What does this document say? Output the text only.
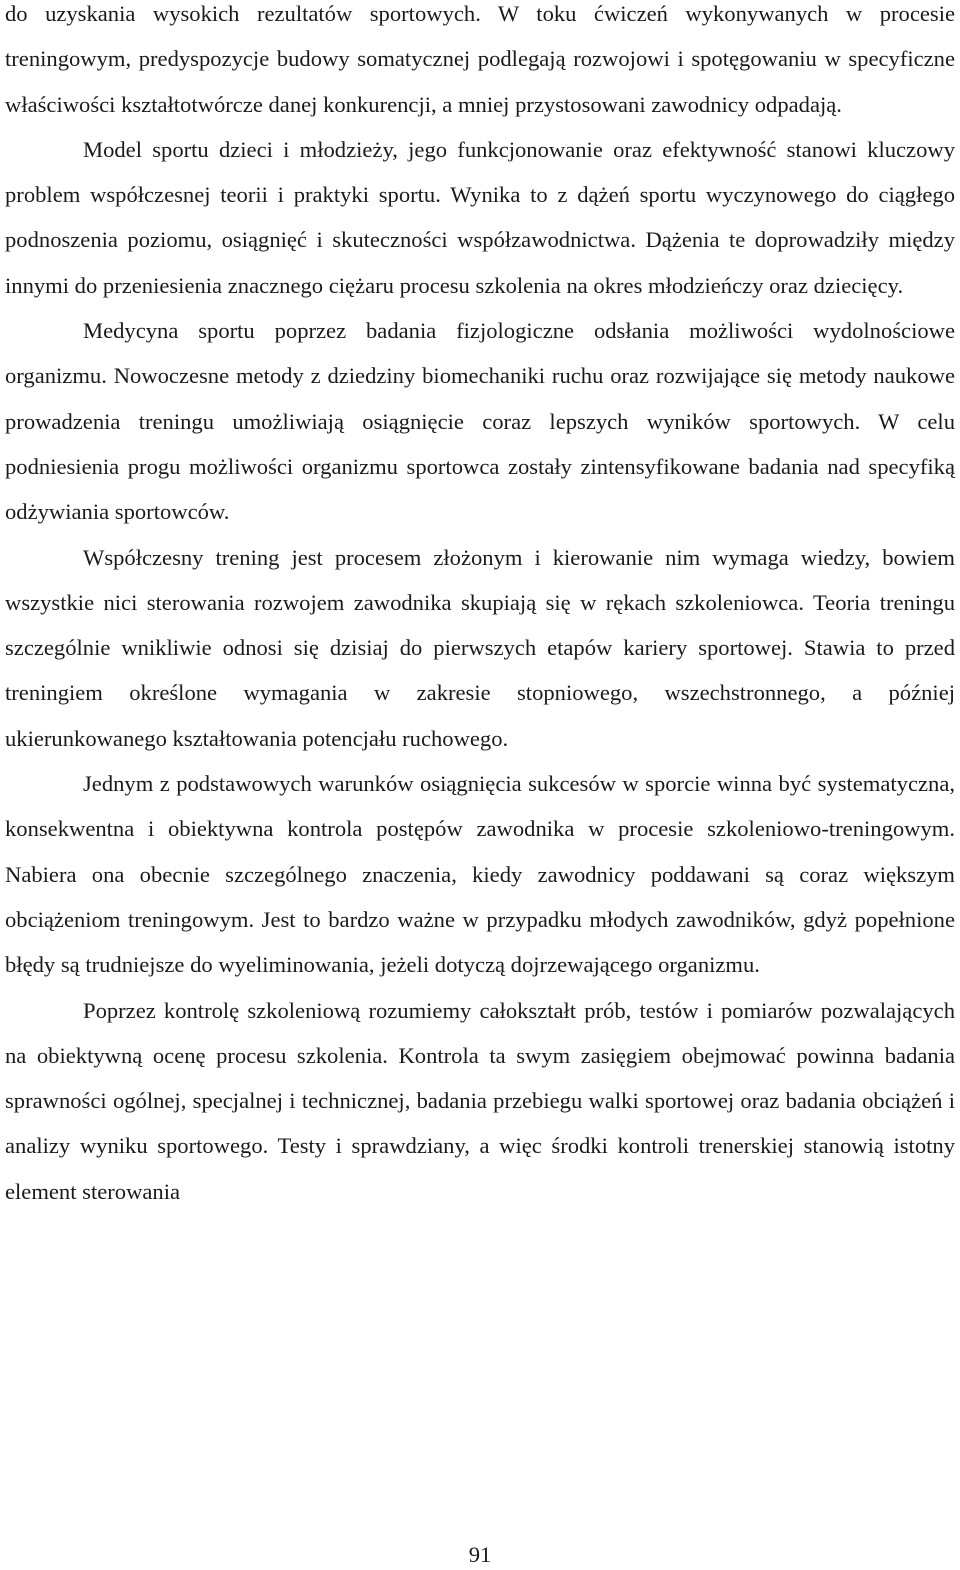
do uzyskania wysokich rezultatów sportowych. W toku ćwiczeń wykonywanych w procesie treningowym, predyspozycje budowy somatycznej podlegają rozwojowi i spotęgowaniu w specyficzne właściwości kształtotwórcze danej konkurencji, a mniej przystosowani zawodnicy odpadają.

Model sportu dzieci i młodzieży, jego funkcjonowanie oraz efektywność stanowi kluczowy problem współczesnej teorii i praktyki sportu. Wynika to z dążeń sportu wyczynowego do ciągłego podnoszenia poziomu, osiągnięć i skuteczności współzawodnictwa. Dążenia te doprowadziły między innymi do przeniesienia znacznego ciężaru procesu szkolenia na okres młodzieńczy oraz dziecięcy.

Medycyna sportu poprzez badania fizjologiczne odsłania możliwości wydolnościowe organizmu. Nowoczesne metody z dziedziny biomechaniki ruchu oraz rozwijające się metody naukowe prowadzenia treningu umożliwiają osiągnięcie coraz lepszych wyników sportowych. W celu podniesienia progu możliwości organizmu sportowca zostały zintensyfikowane badania nad specyfiką odżywiania sportowców.

Współczesny trening jest procesem złożonym i kierowanie nim wymaga wiedzy, bowiem wszystkie nici sterowania rozwojem zawodnika skupiają się w rękach szkoleniowca. Teoria treningu szczególnie wnikliwie odnosi się dzisiaj do pierwszych etapów kariery sportowej. Stawia to przed treningiem określone wymagania w zakresie stopniowego, wszechstronnego, a później ukierunkowanego kształtowania potencjału ruchowego.

Jednym z podstawowych warunków osiągnięcia sukcesów w sporcie winna być systematyczna, konsekwentna i obiektywna kontrola postępów zawodnika w procesie szkoleniowo-treningowym. Nabiera ona obecnie szczególnego znaczenia, kiedy zawodnicy poddawani są coraz większym obciążeniom treningowym. Jest to bardzo ważne w przypadku młodych zawodników, gdyż popełnione błędy są trudniejsze do wyeliminowania, jeżeli dotyczą dojrzewającego organizmu.

Poprzez kontrolę szkoleniową rozumiemy całokształt prób, testów i pomiarów pozwalających na obiektywną ocenę procesu szkolenia. Kontrola ta swym zasięgiem obejmować powinna badania sprawności ogólnej, specjalnej i technicznej, badania przebiegu walki sportowej oraz badania obciążeń i analizy wyniku sportowego. Testy i sprawdziany, a więc środki kontroli trenerskiej stanowią istotny element sterowania

91
